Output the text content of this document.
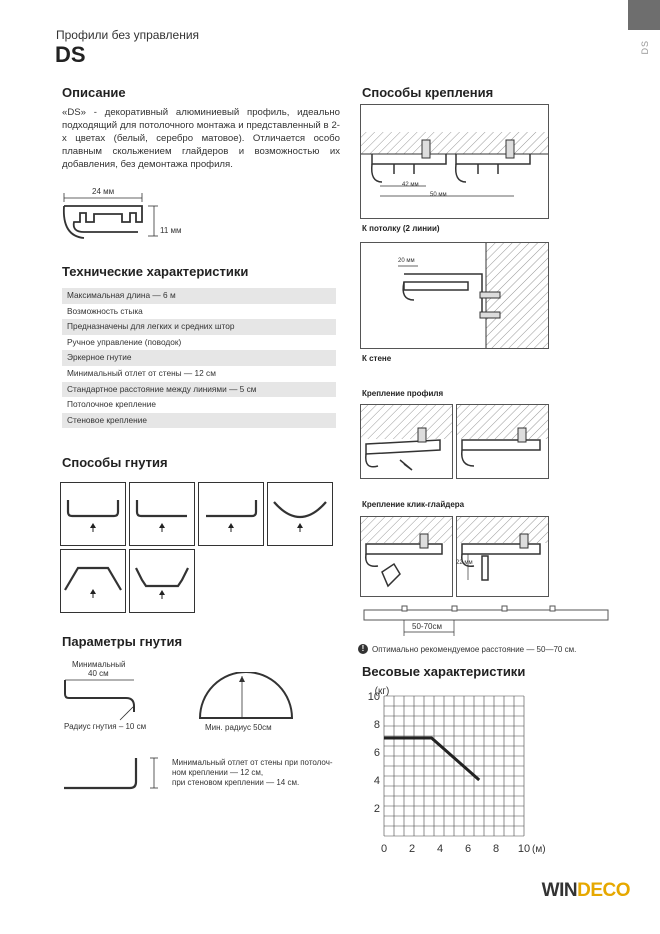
DS
Профили без управления
DS
Описание
«DS» - декоративный алюминиевый профиль, идеально подходящий для потолочного монтажа и представленный в 2-х цветах (белый, серебро матовое). Отличается особо плавным скольжением глайдеров и возможностью их добавления, без демонтажа профиля.
24 мм
11 мм
Технические характеристики
Максимальная длина — 6 м
Возможность стыка
Предназначены для легких и средних штор
Ручное управление (поводок)
Эркерное гнутие
Минимальный отлет от стены — 12 см
Стандартное расстояние между линиями — 5 см
Потолочное крепление
Стеновое крепление
Способы гнутия
Параметры гнутия
Минимальный
40 см
Радиус гнутия – 10 см	Мин. радиус 50см
Минимальный отлет от стены при потолоч-
ном креплении — 12 см,
при стеновом креплении — 14 см.
Способы крепления
42 мм
50 мм
К потолку (2 линии)
20 мм
К стене
Крепление профиля
Крепление клик-глайдера
22 мм
50-70см
! Оптимально рекомендуемое расстояние — 50—70 см.
Весовые характеристики
2
4
6
8
10
0 2 4 6 8 10
(кг)
(м)
WINDECO
